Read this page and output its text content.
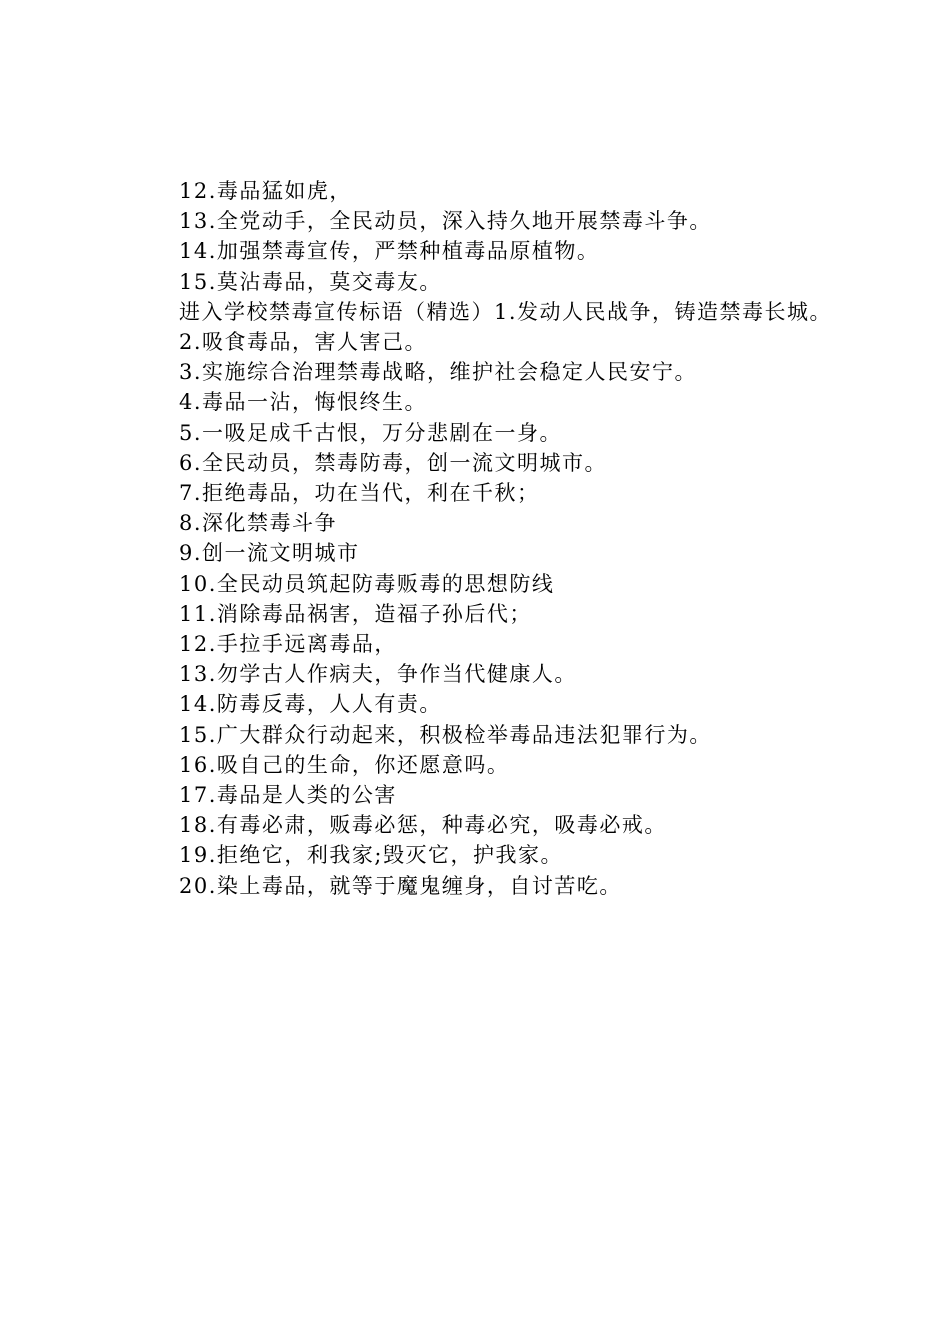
12.毒品猛如虎，
13.全党动手，全民动员，深入持久地开展禁毒斗争。
14.加强禁毒宣传，严禁种植毒品原植物。
15.莫沾毒品，莫交毒友。
进入学校禁毒宣传标语（精选）1.发动人民战争，铸造禁毒长城。
2.吸食毒品，害人害己。
3.实施综合治理禁毒战略，维护社会稳定人民安宁。
4.毒品一沾，悔恨终生。
5.一吸足成千古恨，万分悲剧在一身。
6.全民动员，禁毒防毒，创一流文明城市。
7.拒绝毒品，功在当代，利在千秋；
8.深化禁毒斗争
9.创一流文明城市
10.全民动员筑起防毒贩毒的思想防线
11.消除毒品祸害，造福子孙后代；
12.手拉手远离毒品，
13.勿学古人作病夫，争作当代健康人。
14.防毒反毒，人人有责。
15.广大群众行动起来，积极检举毒品违法犯罪行为。
16.吸自己的生命，你还愿意吗。
17.毒品是人类的公害
18.有毒必肃，贩毒必惩，种毒必究，吸毒必戒。
19.拒绝它，利我家;毁灭它，护我家。
20.染上毒品，就等于魔鬼缠身，自讨苦吃。
